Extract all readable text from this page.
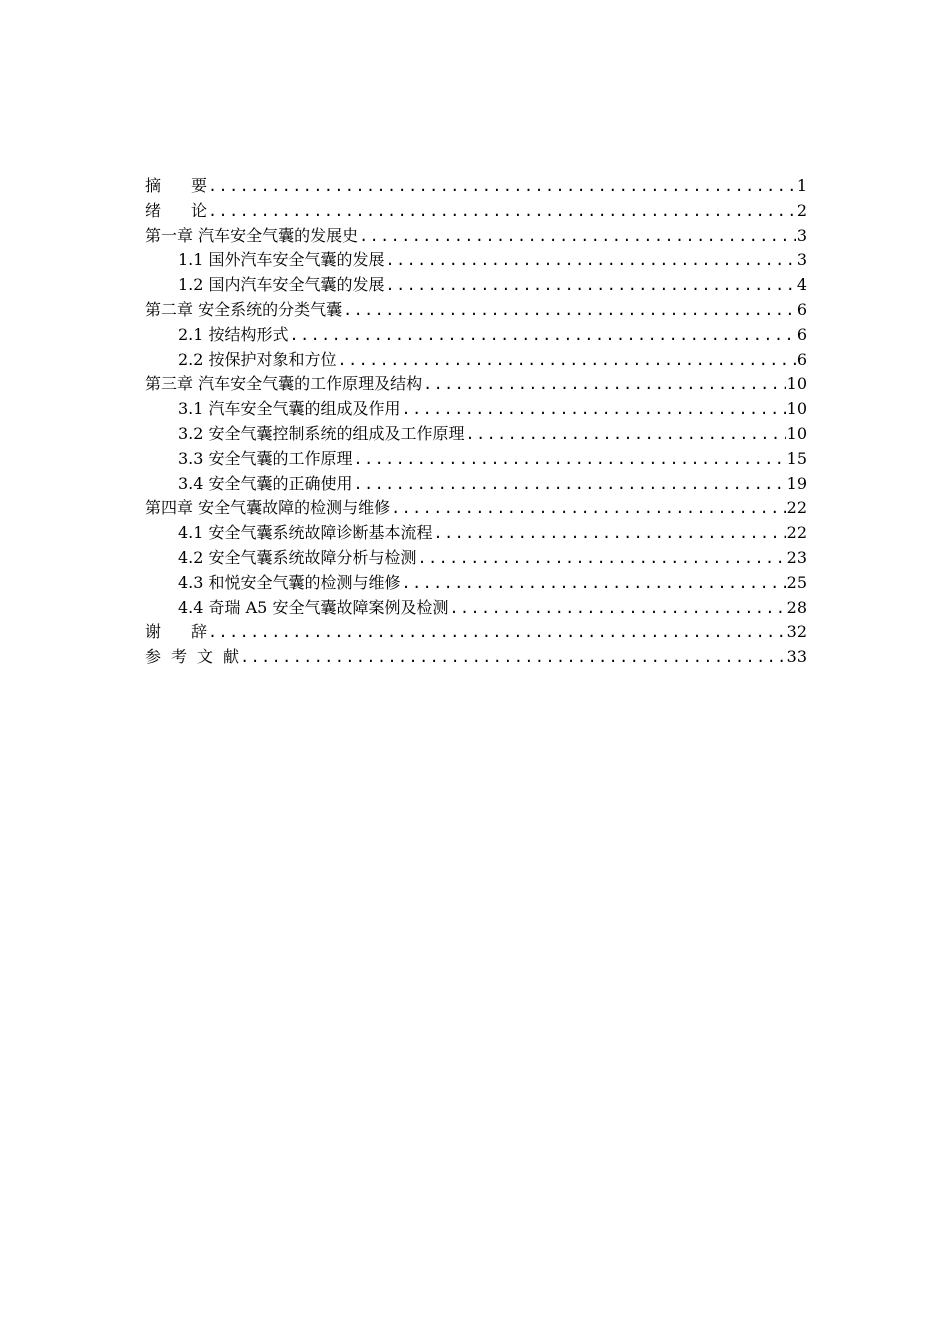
摘要 .....	1
绪论 .....	2
第一章 汽车安全气囊的发展史 .....	3
1.1 国外汽车安全气囊的发展 .....	3
1.2 国内汽车安全气囊的发展 .....	4
第二章 安全系统的分类气囊 .....	6
2.1 按结构形式 .....	6
2.2 按保护对象和方位 .....	6
第三章 汽车安全气囊的工作原理及结构 .....	10
3.1 汽车安全气囊的组成及作用 .....	10
3.2 安全气囊控制系统的组成及工作原理 .....	10
3.3 安全气囊的工作原理 .....	15
3.4 安全气囊的正确使用 .....	19
第四章 安全气囊故障的检测与维修 .....	22
4.1 安全气囊系统故障诊断基本流程 .....	22
4.2 安全气囊系统故障分析与检测 .....	23
4.3 和悦安全气囊的检测与维修 .....	25
4.4 奇瑞 A5 安全气囊故障案例及检测 .....	28
谢辞 .....	32
参考文献 .....	33
